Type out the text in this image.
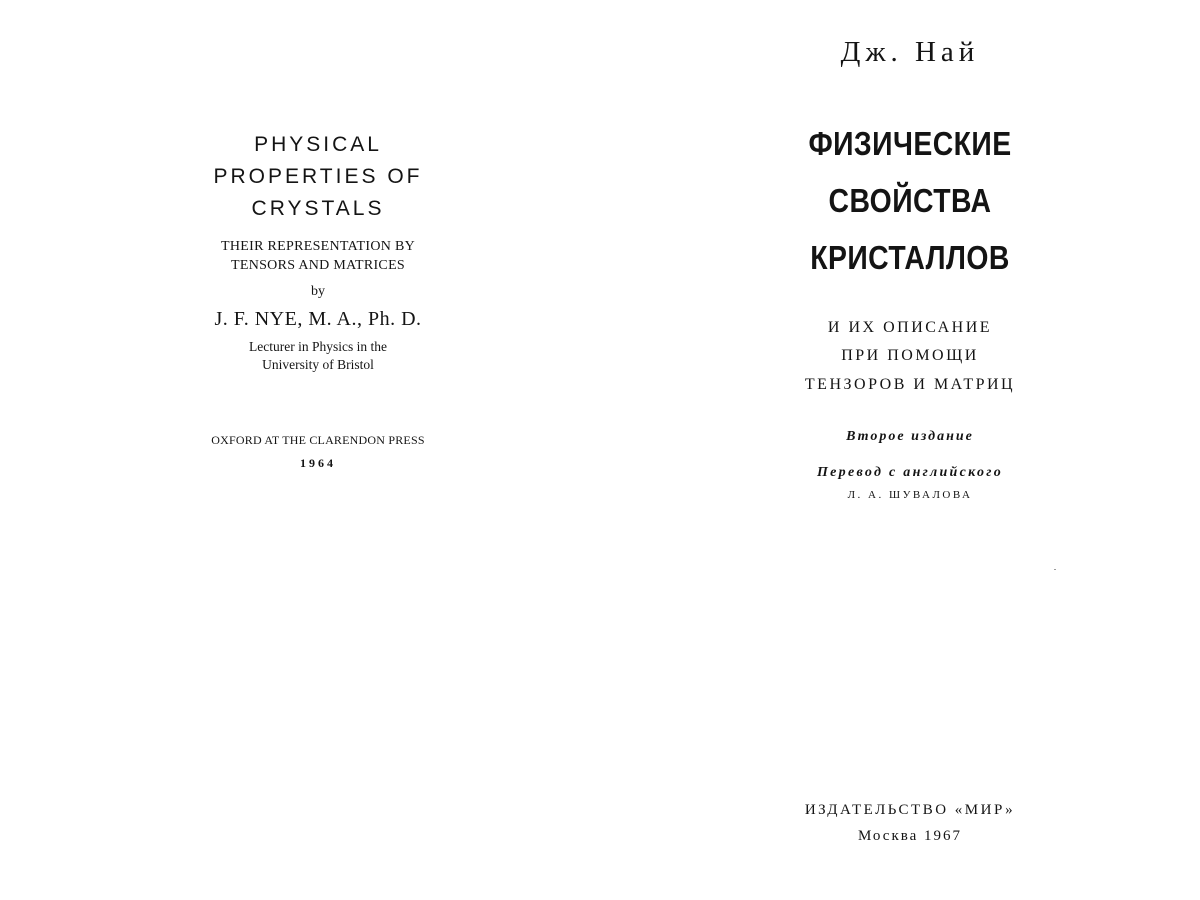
PHYSICAL
PROPERTIES OF
CRYSTALS
THEIR REPRESENTATION BY
TENSORS AND MATRICES
by
J. F. NYE, M. A., Ph. D.
Lecturer in Physics in the
University of Bristol
OXFORD AT THE CLARENDON PRESS
1964
Дж. Най
ФИЗИЧЕСКИЕ
СВОЙСТВА
КРИСТАЛЛОВ
И ИХ ОПИСАНИЕ
ПРИ ПОМОЩИ
ТЕНЗОРОВ И МАТРИЦ
Второе издание
Перевод с английского
Л. А. ШУВАЛОВА
ИЗДАТЕЛЬСТВО «МИР»
Москва 1967
